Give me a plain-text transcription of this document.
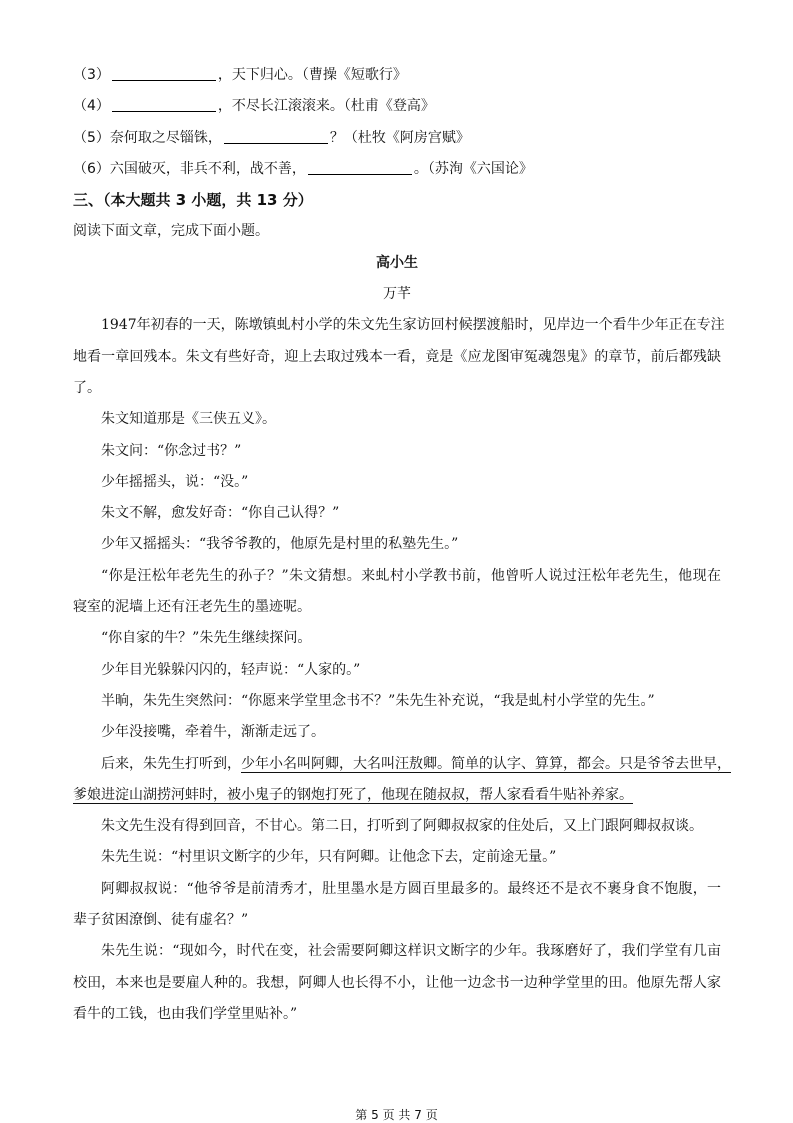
（3）	，天下归心。（曹操《短歌行》
（4）	，不尽长江滚滚来。（杜甫《登高》
（5）奈何取之尽锱铢，	？（杜牧《阿房宫赋》
（6）六国破灭，非兵不利，战不善，	。（苏洵《六国论》
三、（本大题共 3 小题，共 13 分）
阅读下面文章，完成下面小题。
高小生
万芊
1947年初春的一天，陈墩镇虬村小学的朱文先生家访回村候摆渡船时，见岸边一个看牛少年正在专注
地看一章回残本。朱文有些好奇，迎上去取过残本一看，竟是《应龙图审冤魂怨鬼》的章节，前后都残缺
了。
朱文知道那是《三侠五义》。
朱文问：“你念过书？”
少年摇摇头，说：“没。”
朱文不解，愈发好奇：“你自己认得？”
少年又摇摇头：“我爷爷教的，他原先是村里的私塾先生。”
“你是汪松年老先生的孙子？”朱文猜想。来虬村小学教书前，他曾听人说过汪松年老先生，他现在
寝室的泥墙上还有汪老先生的墨迹呢。
“你自家的牛？”朱先生继续探问。
少年目光躲躲闪闪的，轻声说：“人家的。”
半晌，朱先生突然问：“你愿来学堂里念书不？”朱先生补充说，“我是虬村小学堂的先生。”
少年没接嘴，牵着牛，渐渐走远了。
后来，朱先生打听到，少年小名叫阿卿，大名叫汪敖卿。简单的认字、算算，都会。只是爷爷去世早，
爹娘进淀山湖捞河蚌时，被小鬼子的钢炮打死了，他现在随叔叔，帮人家看看牛贴补养家。
朱文先生没有得到回音，不甘心。第二日，打听到了阿卿叔叔家的住处后，又上门跟阿卿叔叔谈。
朱先生说：“村里识文断字的少年，只有阿卿。让他念下去，定前途无量。”
阿卿叔叔说：“他爷爷是前清秀才，肚里墨水是方圆百里最多的。最终还不是衣不裹身食不饱腹，一
辈子贫困潦倒、徒有虚名？”
朱先生说：“现如今，时代在变，社会需要阿卿这样识文断字的少年。我琢磨好了，我们学堂有几亩
校田，本来也是要雇人种的。我想，阿卿人也长得不小，让他一边念书一边种学堂里的田。他原先帮人家
看牛的工钱，也由我们学堂里贴补。”
第 5 页 共 7 页
